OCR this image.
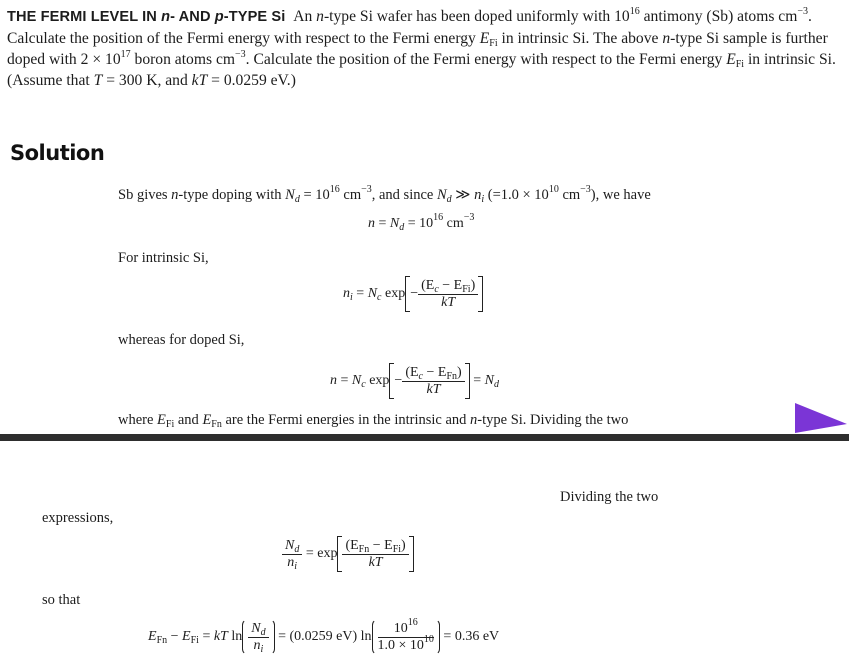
THE FERMI LEVEL IN n- AND p-TYPE Si An n-type Si wafer has been doped uniformly with $10^{16}$ antimony (Sb) atoms $cm^{-3}$. Calculate the position of the Fermi energy with respect to the Fermi energy $E_{Fi}$ in intrinsic Si. The above n-type Si sample is further doped with $2 \times 10^{17}$ boron atoms $cm^{-3}$. Calculate the position of the Fermi energy with respect to the Fermi energy $E_{Fi}$ in intrinsic Si. (Assume that T = 300 K, and kT = 0.0259 eV.)

Solution
Sb gives n-type doping with $N_d = 10^{16}$ $cm^{-3}$, and since $N_d$ ≫ $n_i$ ($=1.0 \times 10^{10}$ $cm^{-3}$), we have
$n = N_d = 10^{16}$ $cm^{-3}$
For intrinsic Si,
$n_i = N_c$ $\exp - \frac{(E_c - E_{Fi})}{kT}$
whereas for doped Si,
$n = N_c$ $\exp - \frac{(E_c - E_{Fn})}{kT} = N_d$
where $E_{Fi}$ and $E_{Fn}$ are the Fermi energies in the intrinsic and n-type Si. Dividing the two
Dividing the two
expressions,
$\frac{N_d}{n_i} = \exp \frac{(E_{Fn} - E_{Fi})}{kT}$
so that
$E_{Fn} - E_{Fi}$ = kT $\ln \frac{N_d}{n_i} = (0.0259$ eV) $\ln \frac{10^{16}}{1.0 \times 10^{10}} = 0.36$ eV
